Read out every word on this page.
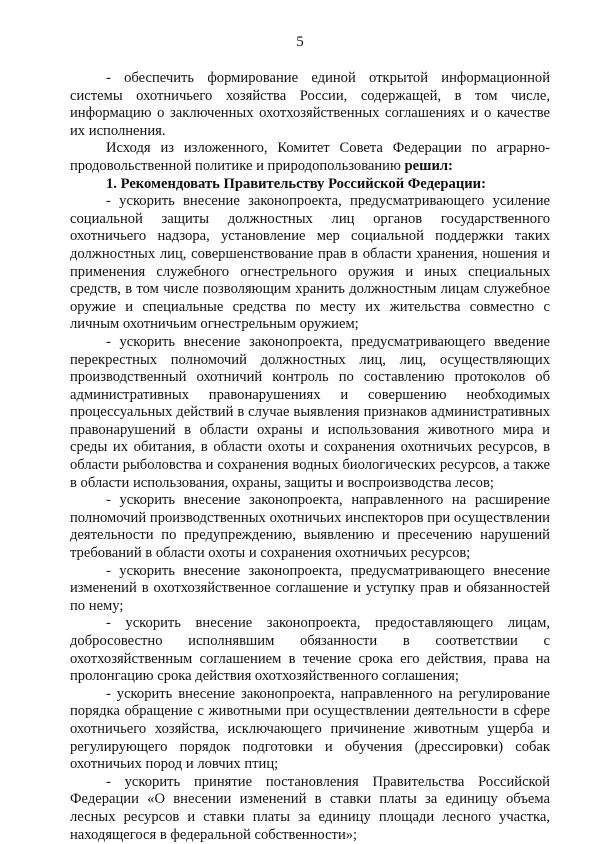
5

- обеспечить формирование единой открытой информационной системы охотничьего хозяйства России, содержащей, в том числе, информацию о заключенных охотхозяйственных соглашениях и о качестве их исполнения.

Исходя из изложенного, Комитет Совета Федерации по аграрно-продовольственной политике и природопользованию решил:

1. Рекомендовать Правительству Российской Федерации:

- ускорить внесение законопроекта, предусматривающего усиление социальной защиты должностных лиц органов государственного охотничьего надзора, установление мер социальной поддержки таких должностных лиц, совершенствование прав в области хранения, ношения и применения служебного огнестрельного оружия и иных специальных средств, в том числе позволяющим хранить должностным лицам служебное оружие и специальные средства по месту их жительства совместно с личным охотничьим огнестрельным оружием;

- ускорить внесение законопроекта, предусматривающего введение перекрестных полномочий должностных лиц, лиц, осуществляющих производственный охотничий контроль по составлению протоколов об административных правонарушениях и совершению необходимых процессуальных действий в случае выявления признаков административных правонарушений в области охраны и использования животного мира и среды их обитания, в области охоты и сохранения охотничьих ресурсов, в области рыболовства и сохранения водных биологических ресурсов, а также в области использования, охраны, защиты и воспроизводства лесов;

- ускорить внесение законопроекта, направленного на расширение полномочий производственных охотничьих инспекторов при осуществлении деятельности по предупреждению, выявлению и пресечению нарушений требований в области охоты и сохранения охотничьих ресурсов;

- ускорить внесение законопроекта, предусматривающего внесение изменений в охотхозяйственное соглашение и уступку прав и обязанностей по нему;

- ускорить внесение законопроекта, предоставляющего лицам, добросовестно исполнявшим обязанности в соответствии с охотхозяйственным соглашением в течение срока его действия, права на пролонгацию срока действия охотхозяйственного соглашения;

- ускорить внесение законопроекта, направленного на регулирование порядка обращение с животными при осуществлении деятельности в сфере охотничьего хозяйства, исключающего причинение животным ущерба и регулирующего порядок подготовки и обучения (дрессировки) собак охотничьих пород и ловчих птиц;

- ускорить принятие постановления Правительства Российской Федерации «О внесении изменений в ставки платы за единицу объема лесных ресурсов и ставки платы за единицу площади лесного участка, находящегося в федеральной собственности»;
